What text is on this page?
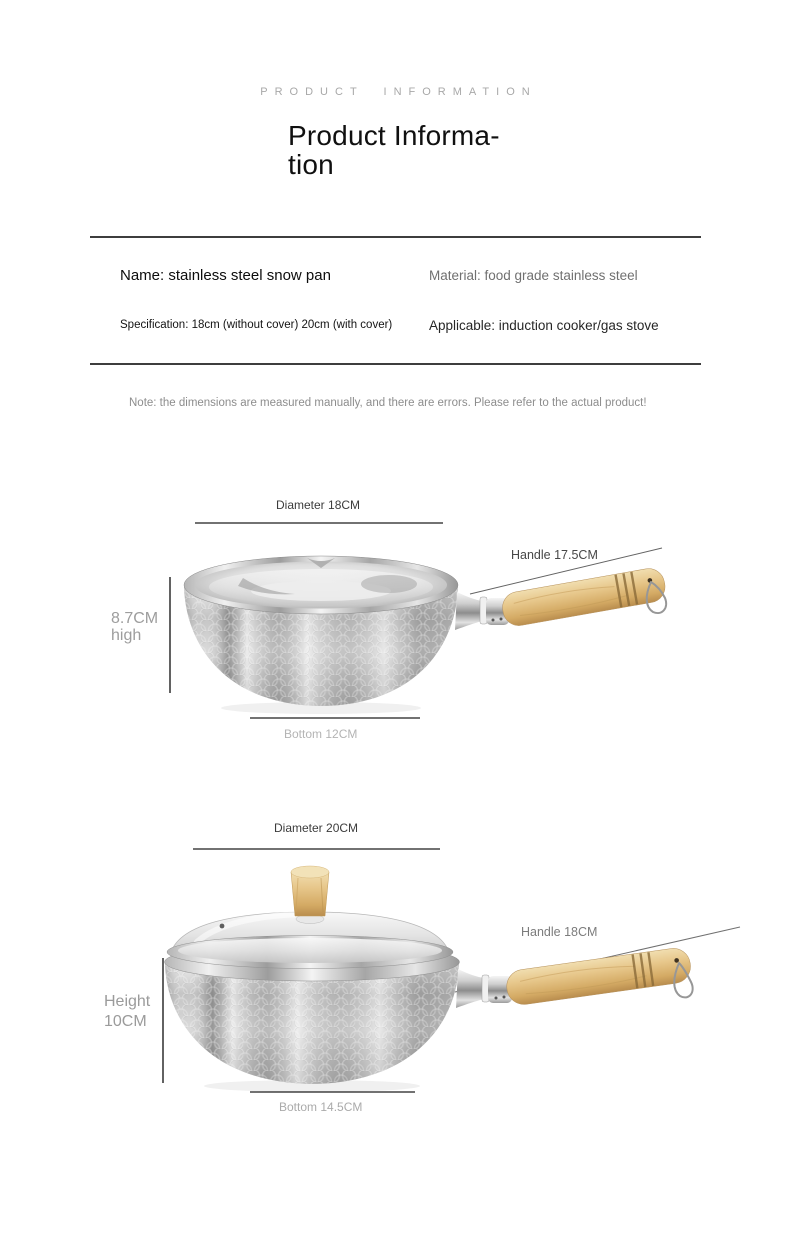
PRODUCT INFORMATION
Product Informa-tion
Name: stainless steel snow pan	Material: food grade stainless steel
Specification: 18cm (without cover) 20cm (with cover)	Applicable: induction cooker/gas stove
Note: the dimensions are measured manually, and there are errors. Please refer to the actual product!
Diameter 18CM
Handle 17.5CM
8.7CM high
Bottom 12CM
Diameter 20CM
Handle 18CM
Height 10CM
Bottom 14.5CM
